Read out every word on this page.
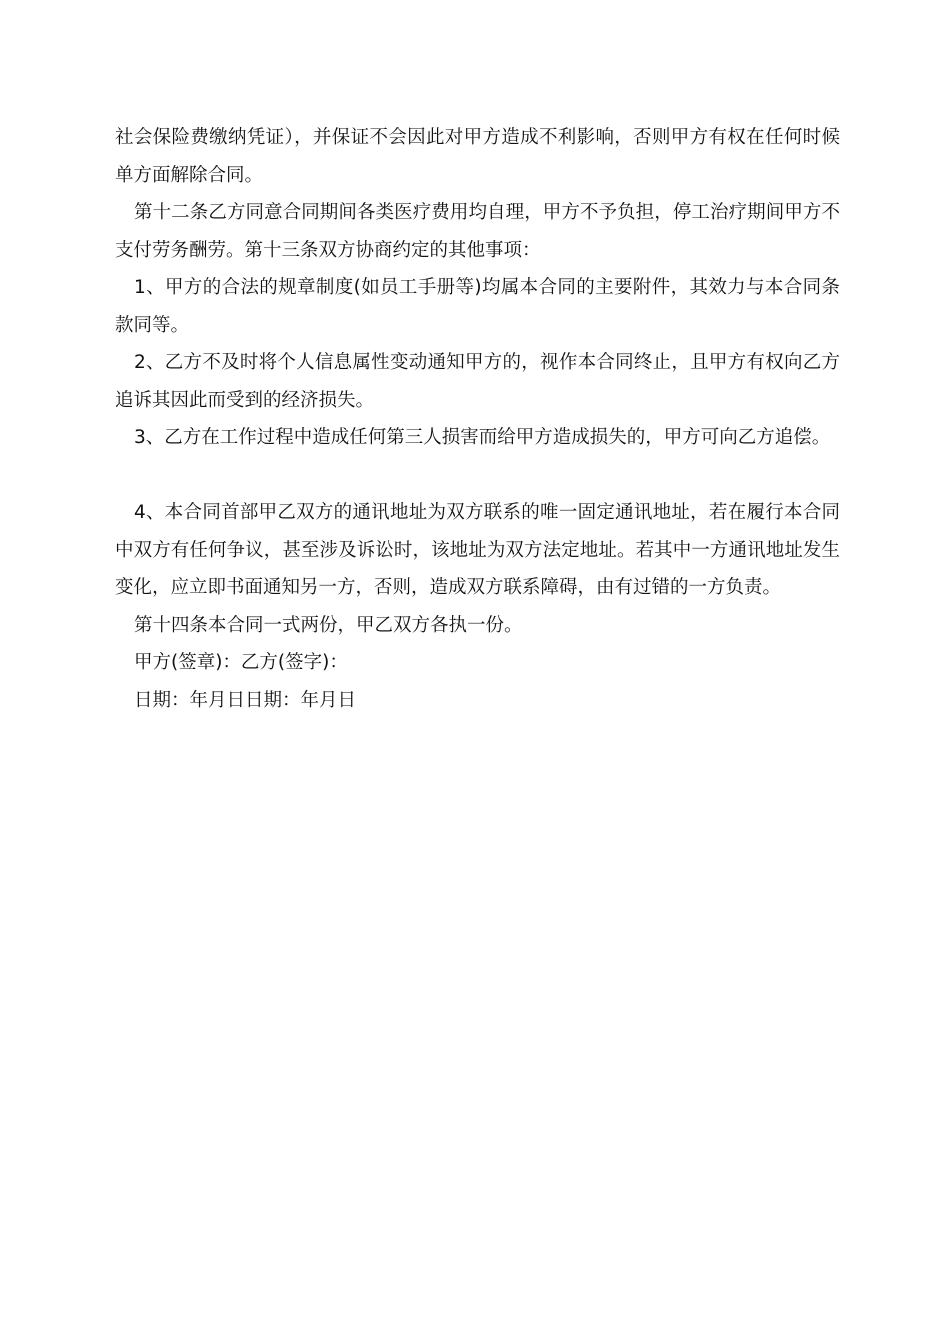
社会保险费缴纳凭证），并保证不会因此对甲方造成不利影响，否则甲方有权在任何时候单方面解除合同。

第十二条乙方同意合同期间各类医疗费用均自理，甲方不予负担，停工治疗期间甲方不支付劳务酬劳。第十三条双方协商约定的其他事项：

1、甲方的合法的规章制度(如员工手册等)均属本合同的主要附件，其效力与本合同条款同等。

2、乙方不及时将个人信息属性变动通知甲方的，视作本合同终止，且甲方有权向乙方追诉其因此而受到的经济损失。

3、乙方在工作过程中造成任何第三人损害而给甲方造成损失的，甲方可向乙方追偿。

4、本合同首部甲乙双方的通讯地址为双方联系的唯一固定通讯地址，若在履行本合同中双方有任何争议，甚至涉及诉讼时，该地址为双方法定地址。若其中一方通讯地址发生变化，应立即书面通知另一方，否则，造成双方联系障碍，由有过错的一方负责。

第十四条本合同一式两份，甲乙双方各执一份。

甲方(签章)：乙方(签字)：

日期：年月日日期：年月日
